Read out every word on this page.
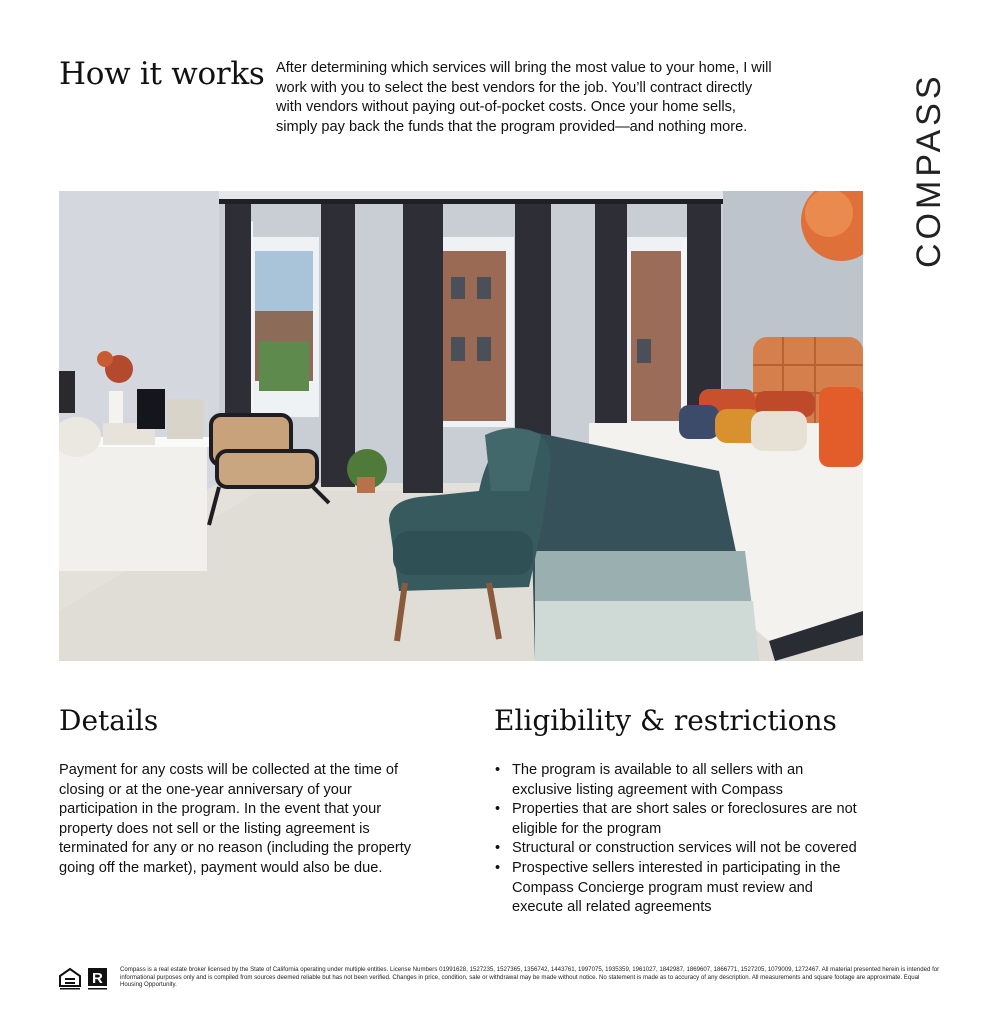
How it works After determining which services will bring the most value to your home, I will work with you to select the best vendors for the job. You’ll contract directly with vendors without paying out-of-pocket costs. Once your home sells, simply pay back the funds that the program provided—and nothing more.	COMPASS
Details	Eligibility & restrictions
Payment for any costs will be collected at the time of closing or at the one-year anniversary of your participation in the program. In the event that your property does not sell or the listing agreement is terminated for any or no reason (including the property going off the market), payment would also be due.
• The program is available to all sellers with an exclusive listing agreement with Compass
• Properties that are short sales or foreclosures are not eligible for the program
• Structural or construction services will not be covered
• Prospective sellers interested in participating in the Compass Concierge program must review and execute all related agreements
R
Compass is a real estate broker licensed by the State of California operating under multiple entities. License Numbers 01991628, 1527235, 1527365, 1356742, 1443761, 1997075, 1935359, 1961027, 1842987, 1869607, 1866771, 1527205, 1079009, 1272467. All material presented herein is intended for informational purposes only and is compiled from sources deemed reliable but has not been verified. Changes in price, condition, sale or withdrawal may be made without notice. No statement is made as to accuracy of any description. All measurements and square footage are approximate. Equal Housing Opportunity.
